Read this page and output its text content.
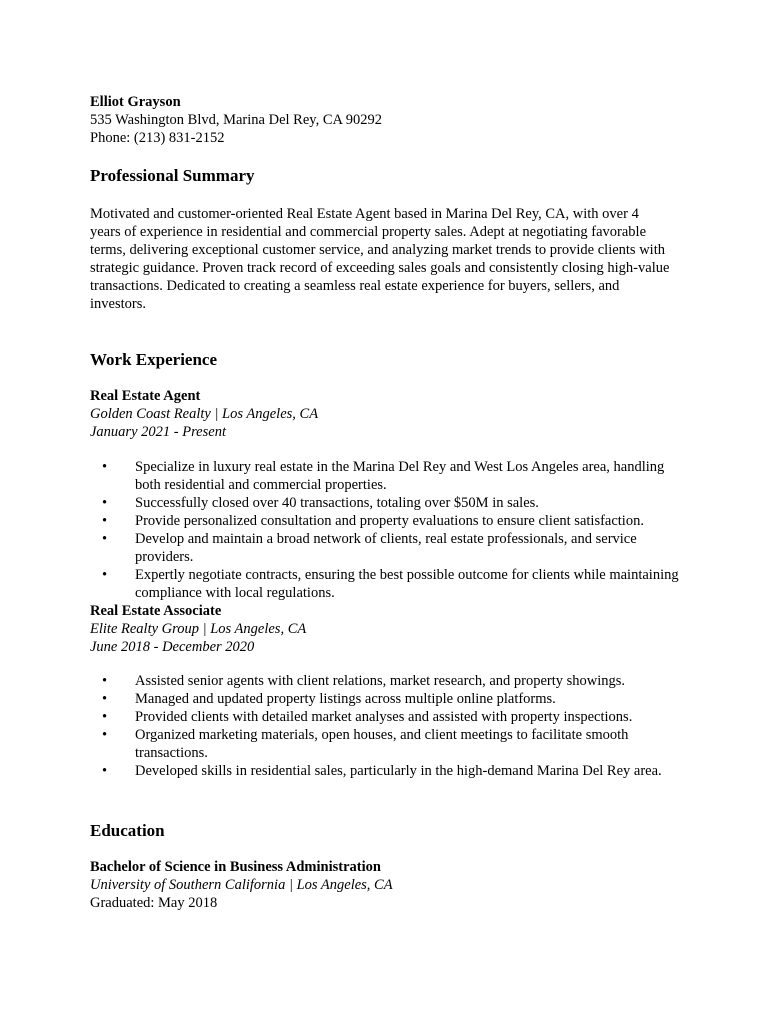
Elliot Grayson
535 Washington Blvd, Marina Del Rey, CA 90292
Phone: (213) 831-2152
Professional Summary

Motivated and customer-oriented Real Estate Agent based in Marina Del Rey, CA, with over 4 years of experience in residential and commercial property sales. Adept at negotiating favorable terms, delivering exceptional customer service, and analyzing market trends to provide clients with strategic guidance. Proven track record of exceeding sales goals and consistently closing high-value transactions. Dedicated to creating a seamless real estate experience for buyers, sellers, and investors.

Work Experience
Real Estate Agent
Golden Coast Realty | Los Angeles, CA
January 2021 - Present
• Specialize in luxury real estate in the Marina Del Rey and West Los Angeles area, handling both residential and commercial properties.
• Successfully closed over 40 transactions, totaling over $50M in sales.
• Provide personalized consultation and property evaluations to ensure client satisfaction.
• Develop and maintain a broad network of clients, real estate professionals, and service providers.
• Expertly negotiate contracts, ensuring the best possible outcome for clients while maintaining compliance with local regulations.
Real Estate Associate
Elite Realty Group | Los Angeles, CA
June 2018 - December 2020
• Assisted senior agents with client relations, market research, and property showings.
• Managed and updated property listings across multiple online platforms.
• Provided clients with detailed market analyses and assisted with property inspections.
• Organized marketing materials, open houses, and client meetings to facilitate smooth transactions.
• Developed skills in residential sales, particularly in the high-demand Marina Del Rey area.
Education
Bachelor of Science in Business Administration
University of Southern California | Los Angeles, CA
Graduated: May 2018
